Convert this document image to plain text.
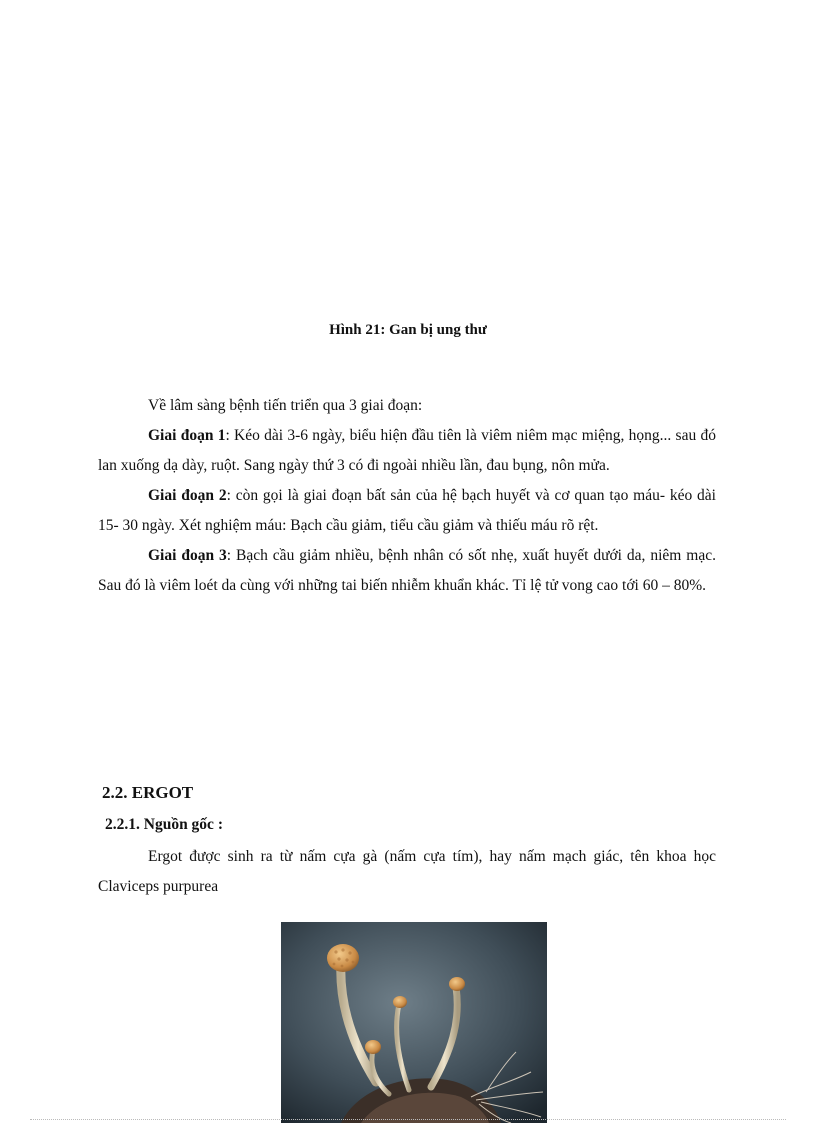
Hình 21: Gan bị ung thư

Về lâm sàng bệnh tiến triển qua 3 giai đoạn:

Giai đoạn 1: Kéo dài 3-6 ngày, biểu hiện đầu tiên là viêm niêm mạc miệng, họng... sau đó lan xuống dạ dày, ruột. Sang ngày thứ 3 có đi ngoài nhiều lần, đau bụng, nôn mửa.

Giai đoạn 2: còn gọi là giai đoạn bất sản của hệ bạch huyết và cơ quan tạo máu- kéo dài 15- 30 ngày. Xét nghiệm máu: Bạch cầu giảm, tiểu cầu giảm và thiếu máu rõ rệt.

Giai đoạn 3: Bạch cầu giảm nhiều, bệnh nhân có sốt nhẹ, xuất huyết dưới da, niêm mạc. Sau đó là viêm loét da cùng với những tai biến nhiễm khuẩn khác. Tỉ lệ tử vong cao tới 60 – 80%.

2.2. ERGOT
2.2.1. Nguồn gốc :

Ergot được sinh ra từ nấm cựa gà (nấm cựa tím), hay nấm mạch giác, tên khoa học Claviceps purpurea
